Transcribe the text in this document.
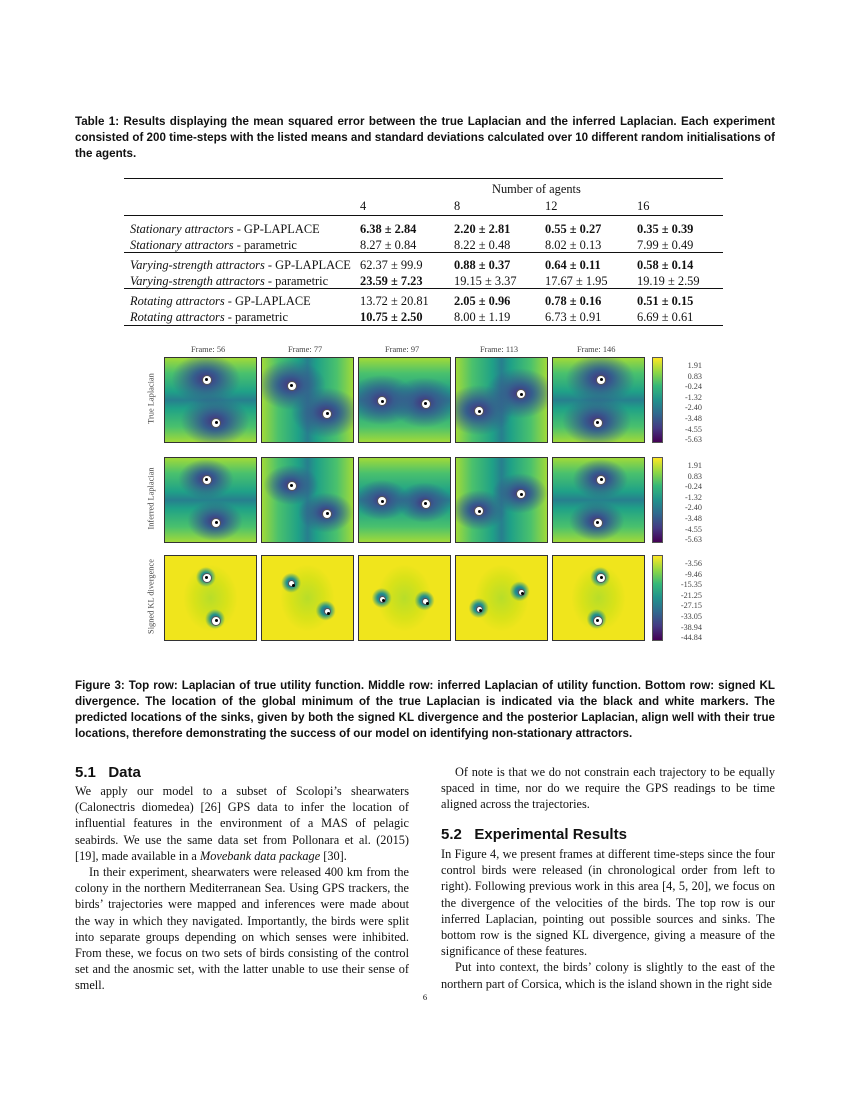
Table 1: Results displaying the mean squared error between the true Laplacian and the inferred Laplacian. Each experiment consisted of 200 time-steps with the listed means and standard deviations calculated over 10 different random initialisations of the agents.
Number of agents
4	8	12	16
Stationary attractors - GP-LAPLACE	6.38 ± 2.84	2.20 ± 2.81	0.55 ± 0.27	0.35 ± 0.39
Stationary attractors - parametric	8.27 ± 0.84	8.22 ± 0.48	8.02 ± 0.13	7.99 ± 0.49
Varying-strength attractors - GP-LAPLACE 62.37 ± 99.9	0.88 ± 0.37	0.64 ± 0.11	0.58 ± 0.14
Varying-strength attractors - parametric	23.59 ± 7.23	19.15 ± 3.37 17.67 ± 1.95 19.19 ± 2.59
Rotating attractors - GP-LAPLACE	13.72 ± 20.81 2.05 ± 0.96	0.78 ± 0.16	0.51 ± 0.15
Rotating attractors - parametric	10.75 ± 2.50	8.00 ± 1.19	6.73 ± 0.91	6.69 ± 0.61
Frame: 56	Frame: 77	Frame: 97	Frame: 113	Frame: 146
True Laplacian
Inferred Laplacian
Signed KL divergence
1.91
0.83
-0.24
-1.32
-2.40
-3.48
-4.55
-5.63
1.91
0.83
-0.24
-1.32
-2.40
-3.48
-4.55
-5.63
-3.56
-9.46
-15.35
-21.25
-27.15
-33.05
-38.94
-44.84
Figure 3: Top row: Laplacian of true utility function. Middle row: inferred Laplacian of utility function. Bottom row: signed KL divergence. The location of the global minimum of the true Laplacian is indicated via the black and white markers. The predicted locations of the sinks, given by both the signed KL divergence and the posterior Laplacian, align well with their true locations, therefore demonstrating the success of our model on identifying non-stationary attractors.
5.1   Data

We apply our model to a subset of Scolopi’s shearwaters (Calonectris diomedea) [26] GPS data to infer the location of influential features in the environment of a MAS of pelagic seabirds. We use the same data set from Pollonara et al. (2015) [19], made available in a Movebank data package [30].

In their experiment, shearwaters were released 400 km from the colony in the northern Mediterranean Sea. Using GPS trackers, the birds’ trajectories were mapped and inferences were made about the way in which they navigated. Importantly, the birds were split into separate groups depending on which senses were inhibited. From these, we focus on two sets of birds consisting of the control set and the anosmic set, with the latter unable to use their sense of smell.

Of note is that we do not constrain each trajectory to be equally spaced in time, nor do we require the GPS readings to be time aligned across the trajectories.

5.2   Experimental Results

In Figure 4, we present frames at different time-steps since the four control birds were released (in chronological order from left to right). Following previous work in this area [4, 5, 20], we focus on the divergence of the velocities of the birds. The top row is our inferred Laplacian, pointing out possible sources and sinks. The bottom row is the signed KL divergence, giving a measure of the significance of these features.

Put into context, the birds’ colony is slightly to the east of the northern part of Corsica, which is the island shown in the right side

6
